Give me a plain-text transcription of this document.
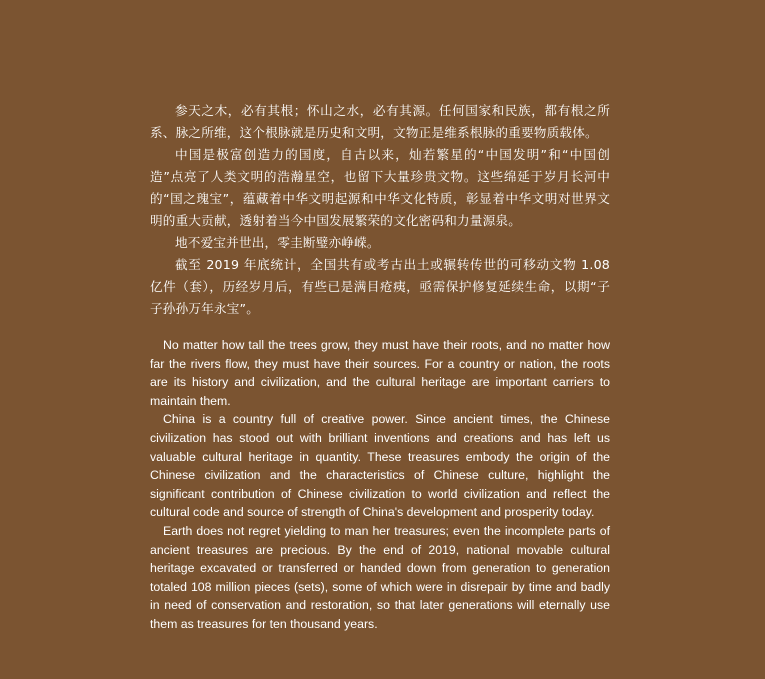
参天之木，必有其根；怀山之水，必有其源。任何国家和民族，都有根之所系、脉之所维，这个根脉就是历史和文明，文物正是维系根脉的重要物质载体。

中国是极富创造力的国度，自古以来，灿若繁星的“中国发明”和“中国创造”点亮了人类文明的浩瀚星空，也留下大量珍贵文物。这些绵延于岁月长河中的“国之瑰宝”，蕴藏着中华文明起源和中华文化特质，彰显着中华文明对世界文明的重大贡献，透射着当今中国发展繁荣的文化密码和力量源泉。

地不爱宝并世出，零圭断璧亦峥嵘。

截至 2019 年底统计，全国共有或考古出土或辗转传世的可移动文物 1.08 亿件（套），历经岁月后，有些已是满目疮痍，亟需保护修复延续生命，以期“子子孙孙万年永宝”。

No matter how tall the trees grow, they must have their roots, and no matter how far the rivers flow, they must have their sources. For a country or nation, the roots are its history and civilization, and the cultural heritage are important carriers to maintain them.

China is a country full of creative power. Since ancient times, the Chinese civilization has stood out with brilliant inventions and creations and has left us valuable cultural heritage in quantity. These treasures embody the origin of the Chinese civilization and the characteristics of Chinese culture, highlight the significant contribution of Chinese civilization to world civilization and reflect the cultural code and source of strength of China's development and prosperity today.

Earth does not regret yielding to man her treasures; even the incomplete parts of ancient treasures are precious. By the end of 2019, national movable cultural heritage excavated or transferred or handed down from generation to generation totaled 108 million pieces (sets), some of which were in disrepair by time and badly in need of conservation and restoration, so that later generations will eternally use them as treasures for ten thousand years.
